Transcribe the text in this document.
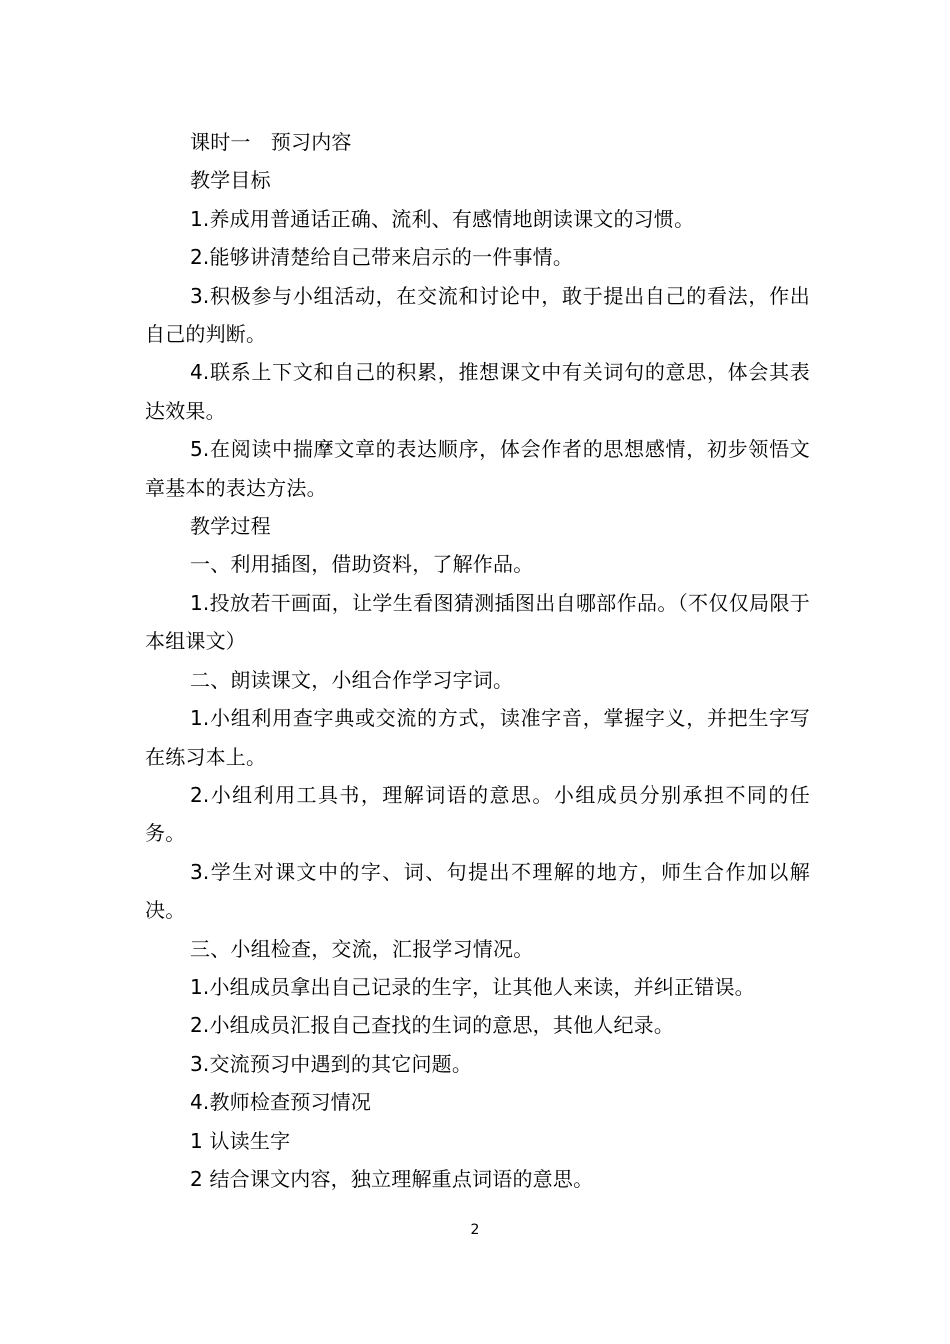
课时一　预习内容

教学目标

1.养成用普通话正确、流利、有感情地朗读课文的习惯。

2.能够讲清楚给自己带来启示的一件事情。

3.积极参与小组活动，在交流和讨论中，敢于提出自己的看法，作出自己的判断。

4.联系上下文和自己的积累，推想课文中有关词句的意思，体会其表达效果。

5.在阅读中揣摩文章的表达顺序，体会作者的思想感情，初步领悟文章基本的表达方法。

教学过程

一、利用插图，借助资料，了解作品。

1.投放若干画面，让学生看图猜测插图出自哪部作品。（不仅仅局限于本组课文）

二、朗读课文，小组合作学习字词。

1.小组利用查字典或交流的方式，读准字音，掌握字义，并把生字写在练习本上。

2.小组利用工具书，理解词语的意思。小组成员分别承担不同的任务。

3.学生对课文中的字、词、句提出不理解的地方，师生合作加以解决。

三、小组检查，交流，汇报学习情况。

1.小组成员拿出自己记录的生字，让其他人来读，并纠正错误。

2.小组成员汇报自己查找的生词的意思，其他人纪录。

3.交流预习中遇到的其它问题。

4.教师检查预习情况

1 认读生字

2 结合课文内容，独立理解重点词语的意思。

2
